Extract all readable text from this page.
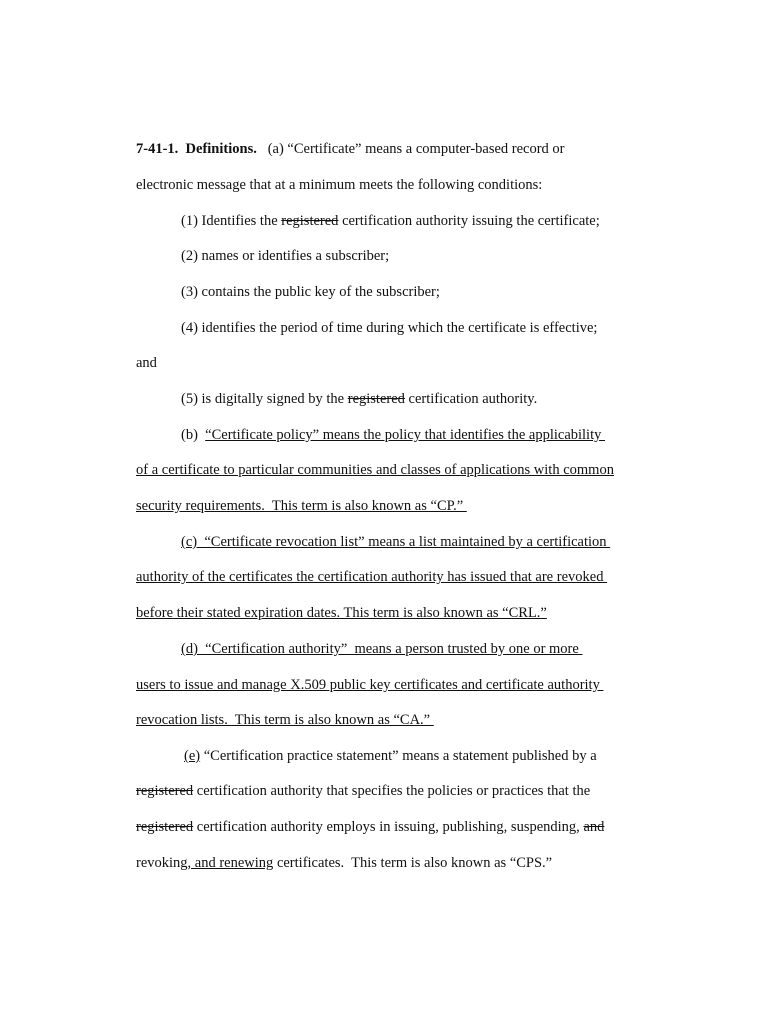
7-41-1. Definitions. (a) “Certificate” means a computer-based record or
electronic message that at a minimum meets the following conditions:
(1) Identifies the registered certification authority issuing the certificate;
(2) names or identifies a subscriber;
(3) contains the public key of the subscriber;
(4) identifies the period of time during which the certificate is effective;
and
(5) is digitally signed by the registered certification authority.
(b)  “Certificate policy” means the policy that identifies the applicability
of a certificate to particular communities and classes of applications with common
security requirements.  This term is also known as “CP.”
(c)  “Certificate revocation list” means a list maintained by a certification
authority of the certificates the certification authority has issued that are revoked
before their stated expiration dates. This term is also known as “CRL.”
(d)  “Certification authority”  means a person trusted by one or more
users to issue and manage X.509 public key certificates and certificate authority
revocation lists.  This term is also known as “CA.”
(e) “Certification practice statement” means a statement published by a
registered certification authority that specifies the policies or practices that the
registered certification authority employs in issuing, publishing, suspending, and
revoking, and renewing certificates.  This term is also known as “CPS.”
